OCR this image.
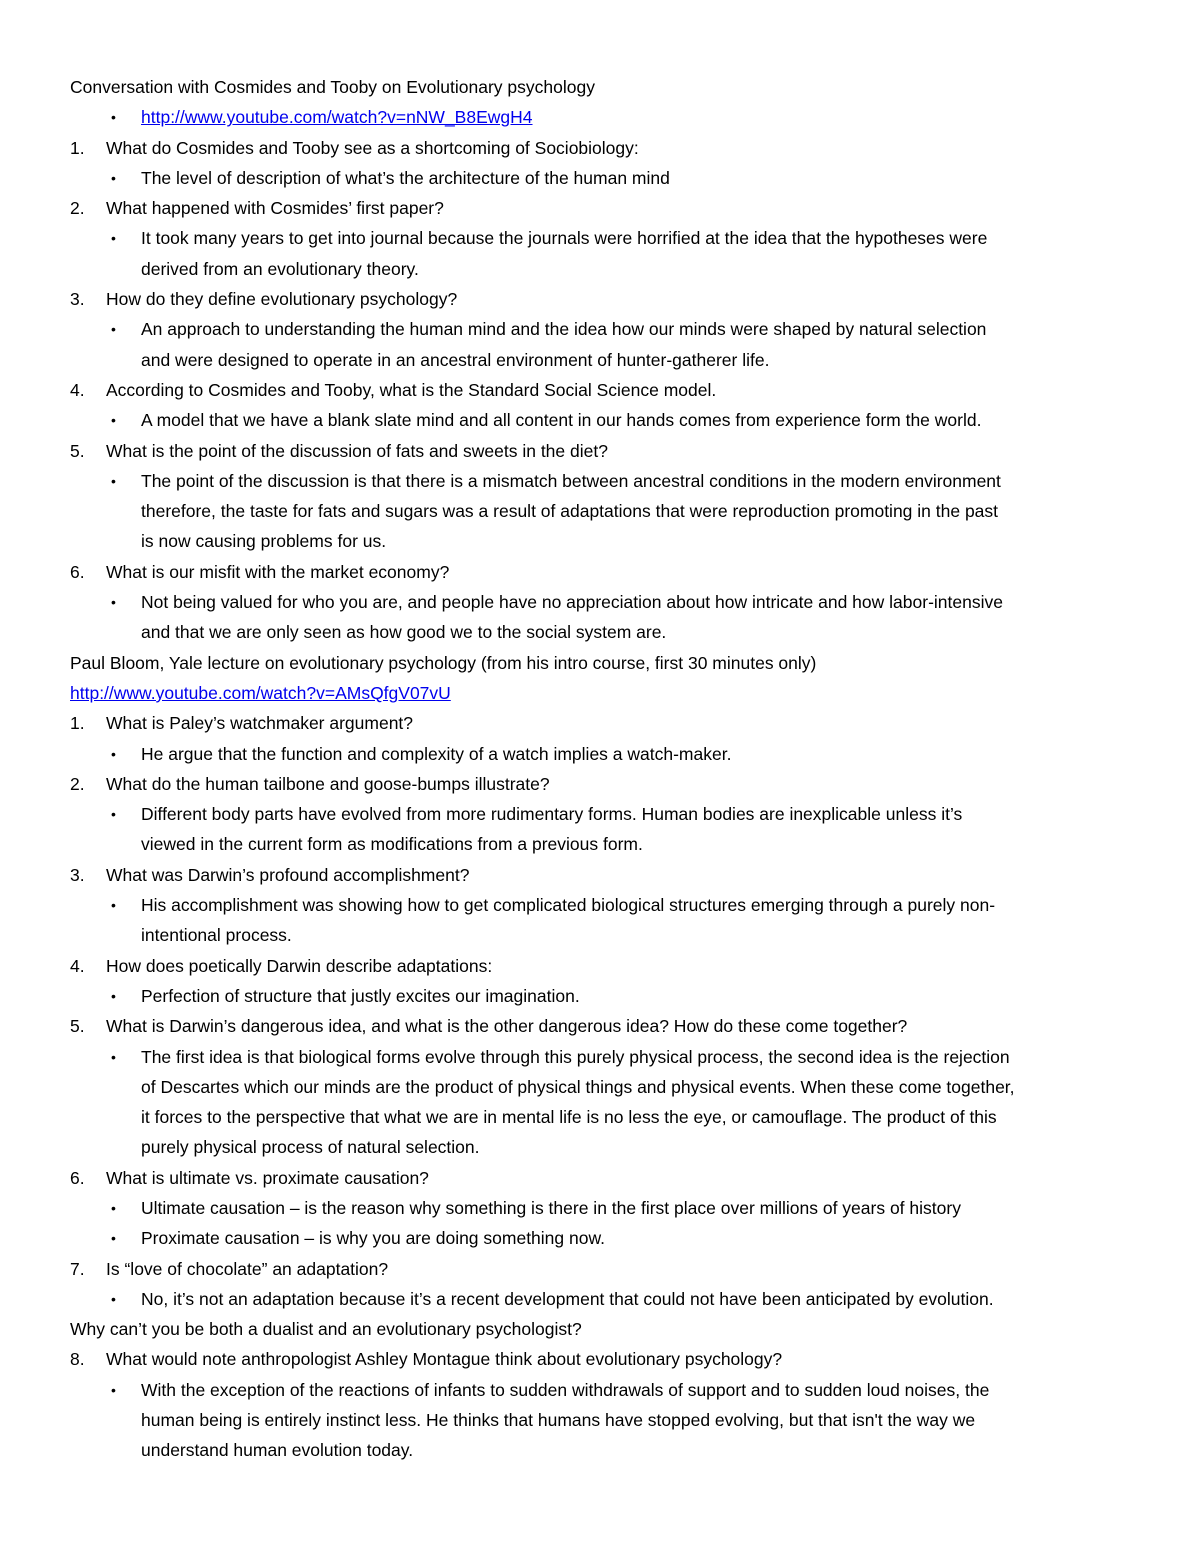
Conversation with Cosmides and Tooby on Evolutionary psychology
• http://www.youtube.com/watch?v=nNW_B8EwgH4
1. What do Cosmides and Tooby see as a shortcoming of Sociobiology:
• The level of description of what’s the architecture of the human mind
2. What happened with Cosmides’ first paper?
• It took many years to get into journal because the journals were horrified at the idea that the hypotheses were
derived from an evolutionary theory.
3. How do they define evolutionary psychology?
• An approach to understanding the human mind and the idea how our minds were shaped by natural selection
and were designed to operate in an ancestral environment of hunter-gatherer life.
4. According to Cosmides and Tooby, what is the Standard Social Science model.
• A model that we have a blank slate mind and all content in our hands comes from experience form the world.
5. What is the point of the discussion of fats and sweets in the diet?
• The point of the discussion is that there is a mismatch between ancestral conditions in the modern environment
therefore, the taste for fats and sugars was a result of adaptations that were reproduction promoting in the past
is now causing problems for us.
6. What is our misfit with the market economy?
• Not being valued for who you are, and people have no appreciation about how intricate and how labor-intensive
and that we are only seen as how good we to the social system are.
Paul Bloom, Yale lecture on evolutionary psychology (from his intro course, first 30 minutes only)
http://www.youtube.com/watch?v=AMsQfgV07vU
1. What is Paley’s watchmaker argument?
• He argue that the function and complexity of a watch implies a watch-maker.
2. What do the human tailbone and goose-bumps illustrate?
• Different body parts have evolved from more rudimentary forms. Human bodies are inexplicable unless it’s
viewed in the current form as modifications from a previous form.
3. What was Darwin’s profound accomplishment?
• His accomplishment was showing how to get complicated biological structures emerging through a purely non-
intentional process.
4. How does poetically Darwin describe adaptations:
• Perfection of structure that justly excites our imagination.
5. What is Darwin’s dangerous idea, and what is the other dangerous idea? How do these come together?
• The first idea is that biological forms evolve through this purely physical process, the second idea is the rejection
of Descartes which our minds are the product of physical things and physical events. When these come together,
it forces to the perspective that what we are in mental life is no less the eye, or camouflage. The product of this
purely physical process of natural selection.
6. What is ultimate vs. proximate causation?
• Ultimate causation – is the reason why something is there in the first place over millions of years of history
• Proximate causation – is why you are doing something now.
7. Is “love of chocolate” an adaptation?
• No, it’s not an adaptation because it’s a recent development that could not have been anticipated by evolution.
Why can’t you be both a dualist and an evolutionary psychologist?
8. What would note anthropologist Ashley Montague think about evolutionary psychology?
• With the exception of the reactions of infants to sudden withdrawals of support and to sudden loud noises, the
human being is entirely instinct less. He thinks that humans have stopped evolving, but that isn't the way we
understand human evolution today.
